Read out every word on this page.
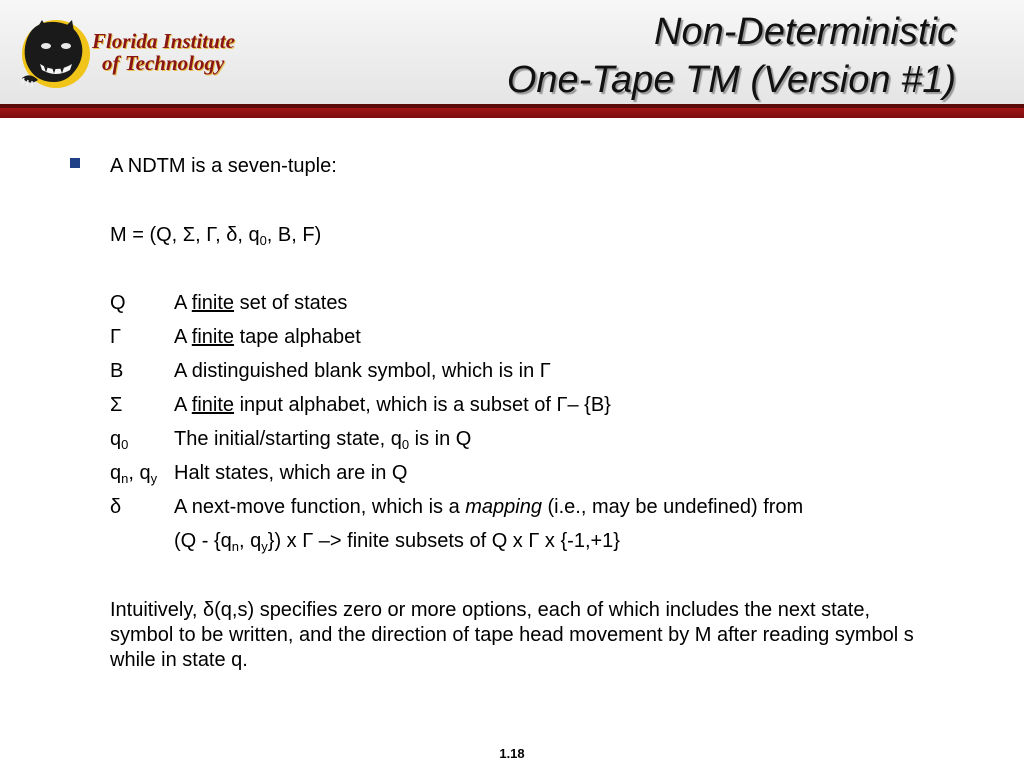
Florida Institute
of Technology
Non-Deterministic
One-Tape TM (Version #1)
A NDTM is a seven-tuple:
M = (Q, Σ, Γ, δ, $q_0$, B, F)
Q A finite set of states
Γ	A finite tape alphabet
B	A distinguished blank symbol, which is in Γ
Σ	A finite input alphabet, which is a subset of Γ– {B}
$q_0$ The initial/starting state, $q_0$ is in Q
$q_n$, $q_y$ Halt states, which are in Q
δ	A next-move function, which is a mapping (i.e., may be undefined) from
($Q - \{q_n$, $q_y$}) x Γ –> finite subsets of Q x Γ x {-1,+1}
Intuitively, δ(q,s) specifies zero or more options, each of which includes the next state, symbol to be written, and the direction of tape head movement by M after reading symbol s while in state q.
1.18
